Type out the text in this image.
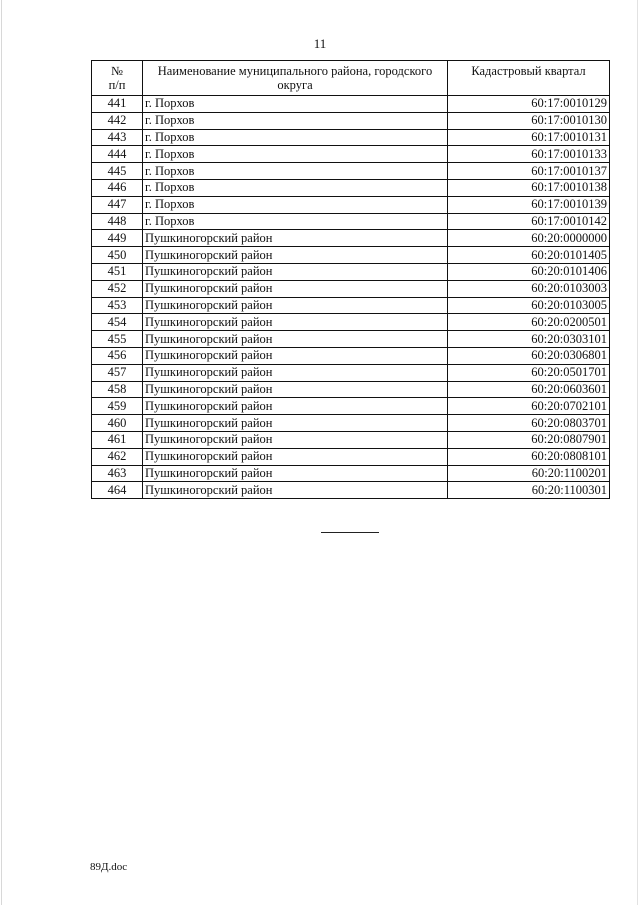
11
№
п/п	Наименование муниципального района, городского округа	Кадастровый квартал
441	г. Порхов	60:17:0010129
442	г. Порхов	60:17:0010130
443	г. Порхов	60:17:0010131
444	г. Порхов	60:17:0010133
445	г. Порхов	60:17:0010137
446	г. Порхов	60:17:0010138
447	г. Порхов	60:17:0010139
448	г. Порхов	60:17:0010142
449	Пушкиногорский район	60:20:0000000
450	Пушкиногорский район	60:20:0101405
451	Пушкиногорский район	60:20:0101406
452	Пушкиногорский район	60:20:0103003
453	Пушкиногорский район	60:20:0103005
454	Пушкиногорский район	60:20:0200501
455	Пушкиногорский район	60:20:0303101
456	Пушкиногорский район	60:20:0306801
457	Пушкиногорский район	60:20:0501701
458	Пушкиногорский район	60:20:0603601
459	Пушкиногорский район	60:20:0702101
460	Пушкиногорский район	60:20:0803701
461	Пушкиногорский район	60:20:0807901
462	Пушкиногорский район	60:20:0808101
463	Пушкиногорский район	60:20:1100201
464	Пушкиногорский район	60:20:1100301
89Д.doc
